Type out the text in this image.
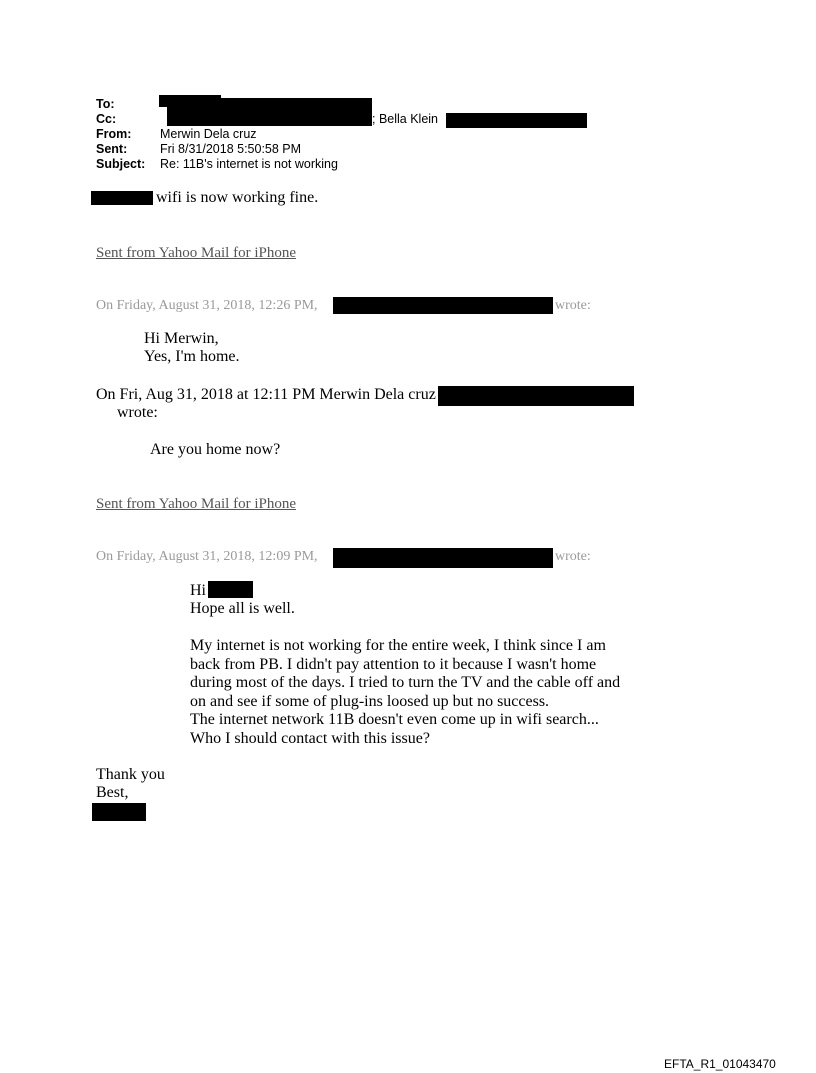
To:
Cc:	; Bella Klein
From: Merwin Dela cruz
Sent:	Fri 8/31/2018 5:50:58 PM
Subject: Re: 11B's internet is not working
wifi is now working fine.
Sent from Yahoo Mail for iPhone
On Friday, August 31, 2018, 12:26 PM,	wrote:
Hi Merwin,
Yes, I'm home.
On Fri, Aug 31, 2018 at 12:11 PM Merwin Dela cruz
wrote:
Are you home now?
Sent from Yahoo Mail for iPhone
On Friday, August 31, 2018, 12:09 PM,	wrote:
Hi
Hope all is well.

My internet is not working for the entire week, I think since I am

back from PB. I didn't pay attention to it because I wasn't home

during most of the days. I tried to turn the TV and the cable off and

on and see if some of plug-ins loosed up but no success.

The internet network 11B doesn't even come up in wifi search...

Who I should contact with this issue?

Thank you
Best,
EFTA_R1_01043470
